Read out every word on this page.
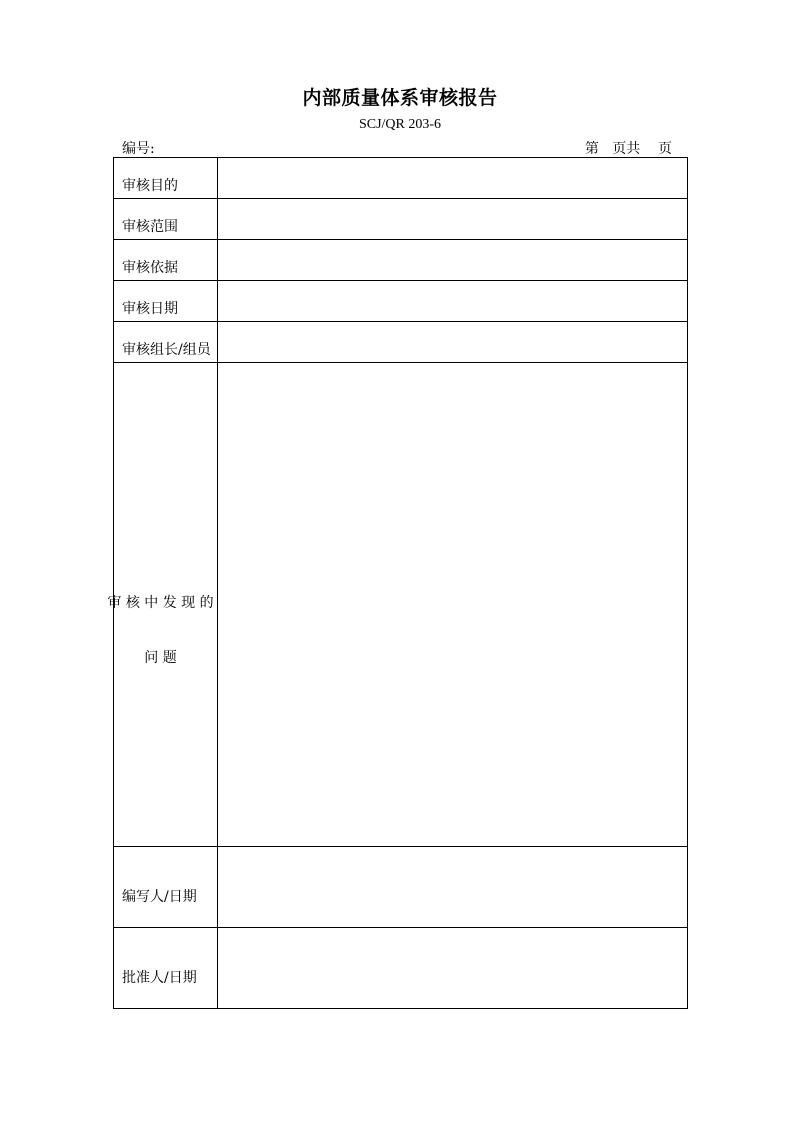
内部质量体系审核报告
SCJ/QR 203-6
编号:	第   页共    页
审核目的	
审核范围	
审核依据	
审核日期	
审核组长/组员	

审 核 中 发 现 的 问 题	

编写人/日期	
批准人/日期	
